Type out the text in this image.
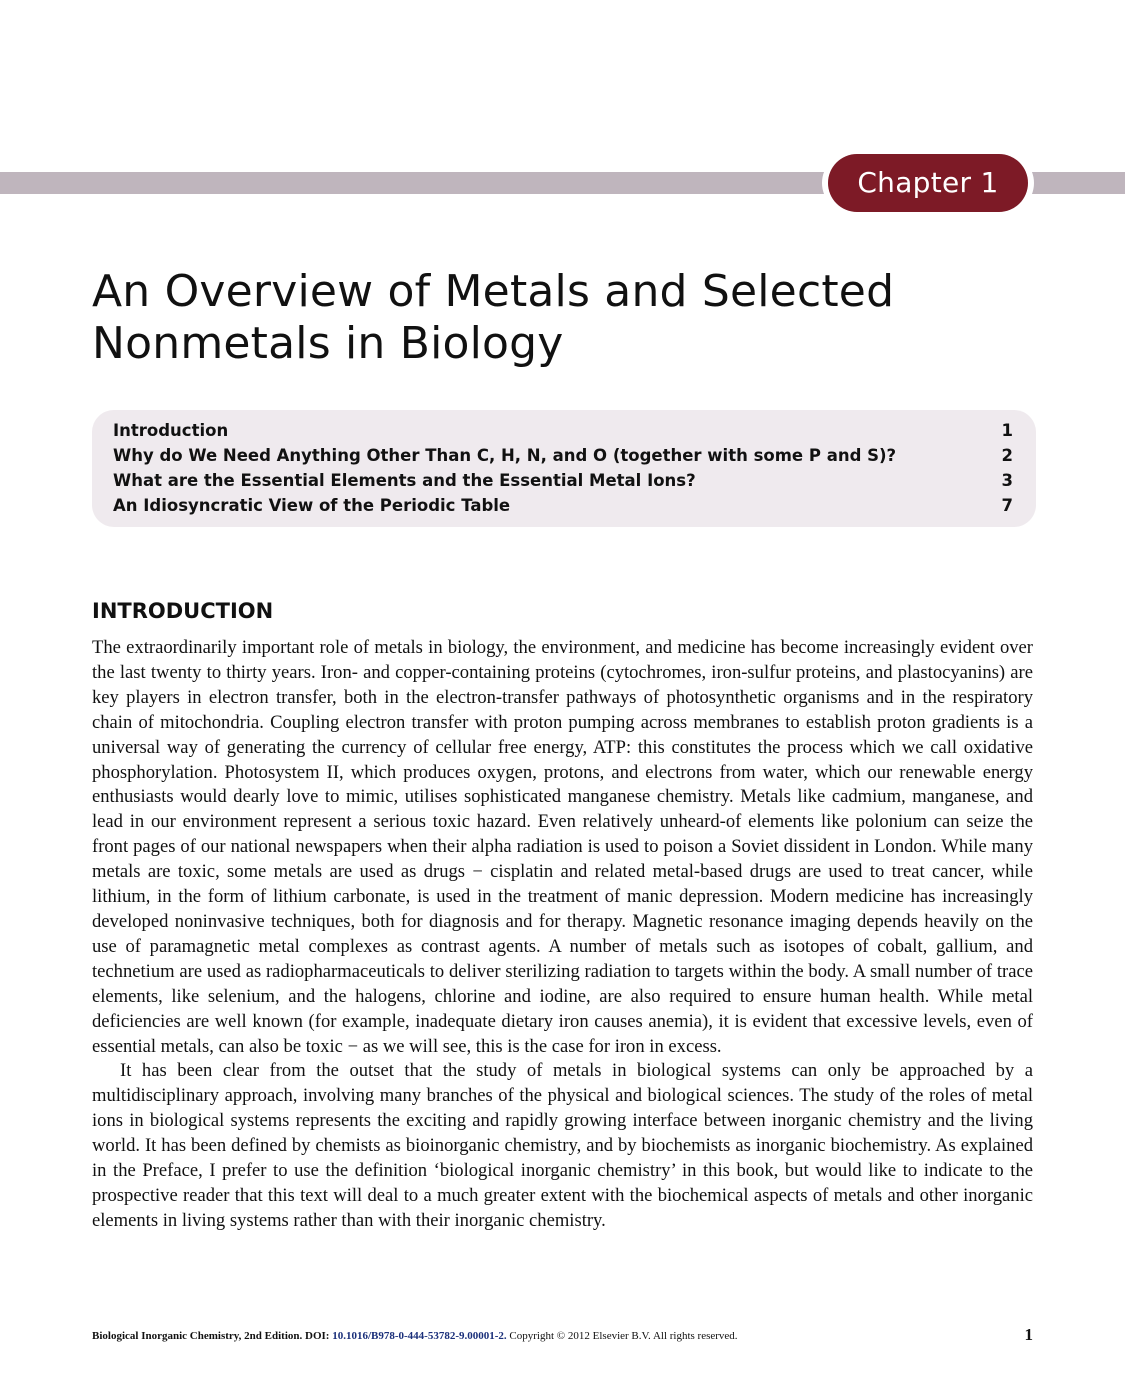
Chapter 1
An Overview of Metals and Selected
Nonmetals in Biology
Introduction	1
Why do We Need Anything Other Than C, H, N, and O (together with some P and S)?	2
What are the Essential Elements and the Essential Metal Ions?	3
An Idiosyncratic View of the Periodic Table	7
INTRODUCTION

The extraordinarily important role of metals in biology, the environment, and medicine has become increasingly evident over the last twenty to thirty years. Iron- and copper-containing proteins (cytochromes, iron-sulfur proteins, and plastocyanins) are key players in electron transfer, both in the electron-transfer pathways of photosynthetic organisms and in the respiratory chain of mitochondria. Coupling electron transfer with proton pumping across membranes to establish proton gradients is a universal way of generating the currency of cellular free energy, ATP: this constitutes the process which we call oxidative phosphorylation. Photosystem II, which produces oxygen, protons, and electrons from water, which our renewable energy enthusiasts would dearly love to mimic, utilises sophisticated manganese chemistry. Metals like cadmium, manganese, and lead in our environment represent a serious toxic hazard. Even relatively unheard-of elements like polonium can seize the front pages of our national newspapers when their alpha radiation is used to poison a Soviet dissident in London. While many metals are toxic, some metals are used as drugs − cisplatin and related metal-based drugs are used to treat cancer, while lithium, in the form of lithium carbonate, is used in the treatment of manic depression. Modern medicine has increasingly developed noninvasive techniques, both for diagnosis and for therapy. Magnetic resonance imaging depends heavily on the use of paramagnetic metal complexes as contrast agents. A number of metals such as isotopes of cobalt, gallium, and technetium are used as radiopharmaceuticals to deliver sterilizing radiation to targets within the body. A small number of trace elements, like selenium, and the halogens, chlorine and iodine, are also required to ensure human health. While metal deficiencies are well known (for example, inadequate dietary iron causes anemia), it is evident that excessive levels, even of essential metals, can also be toxic − as we will see, this is the case for iron in excess.

It has been clear from the outset that the study of metals in biological systems can only be approached by a multidisciplinary approach, involving many branches of the physical and biological sciences. The study of the roles of metal ions in biological systems represents the exciting and rapidly growing interface between inorganic chemistry and the living world. It has been defined by chemists as bioinorganic chemistry, and by biochemists as inorganic biochemistry. As explained in the Preface, I prefer to use the definition ‘biological inorganic chemistry’ in this book, but would like to indicate to the prospective reader that this text will deal to a much greater extent with the biochemical aspects of metals and other inorganic elements in living systems rather than with their inorganic chemistry.

Biological Inorganic Chemistry, 2nd Edition. DOI: 10.1016/B978-0-444-53782-9.00001-2. Copyright © 2012 Elsevier B.V. All rights reserved.	1
